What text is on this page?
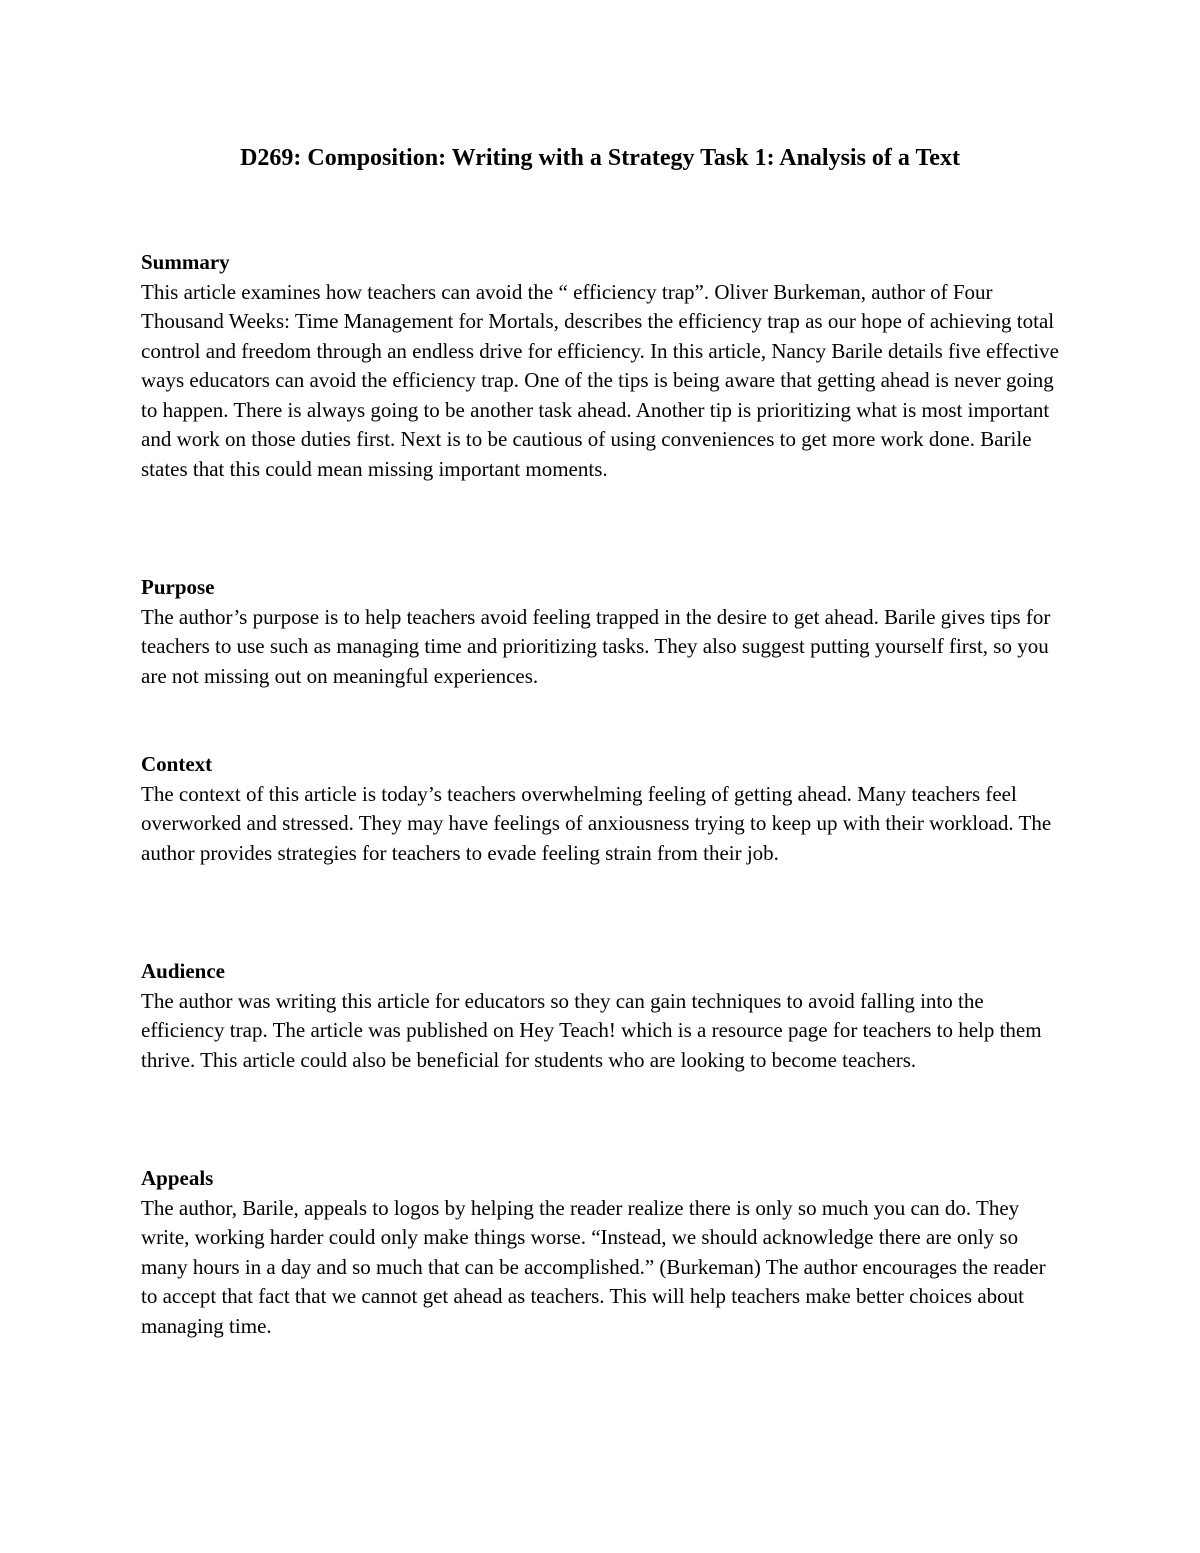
D269: Composition: Writing with a Strategy Task 1: Analysis of a Text
Summary

This article examines how teachers can avoid the “ efficiency trap”. Oliver Burkeman, author of Four Thousand Weeks: Time Management for Mortals, describes the efficiency trap as our hope of achieving total control and freedom through an endless drive for efficiency. In this article, Nancy Barile details five effective ways educators can avoid the efficiency trap. One of the tips is being aware that getting ahead is never going to happen. There is always going to be another task ahead. Another tip is prioritizing what is most important and work on those duties first. Next is to be cautious of using conveniences to get more work done. Barile states that this could mean missing important moments.

Purpose

The author’s purpose is to help teachers avoid feeling trapped in the desire to get ahead. Barile gives tips for teachers to use such as managing time and prioritizing tasks. They also suggest putting yourself first, so you are not missing out on meaningful experiences.

Context

The context of this article is today’s teachers overwhelming feeling of getting ahead. Many teachers feel overworked and stressed. They may have feelings of anxiousness trying to keep up with their workload. The author provides strategies for teachers to evade feeling strain from their job.

Audience

The author was writing this article for educators so they can gain techniques to avoid falling into the efficiency trap. The article was published on Hey Teach! which is a resource page for teachers to help them thrive. This article could also be beneficial for students who are looking to become teachers.

Appeals

The author, Barile, appeals to logos by helping the reader realize there is only so much you can do. They write, working harder could only make things worse. “Instead, we should acknowledge there are only so many hours in a day and so much that can be accomplished.” (Burkeman) The author encourages the reader to accept that fact that we cannot get ahead as teachers. This will help teachers make better choices about managing time.
